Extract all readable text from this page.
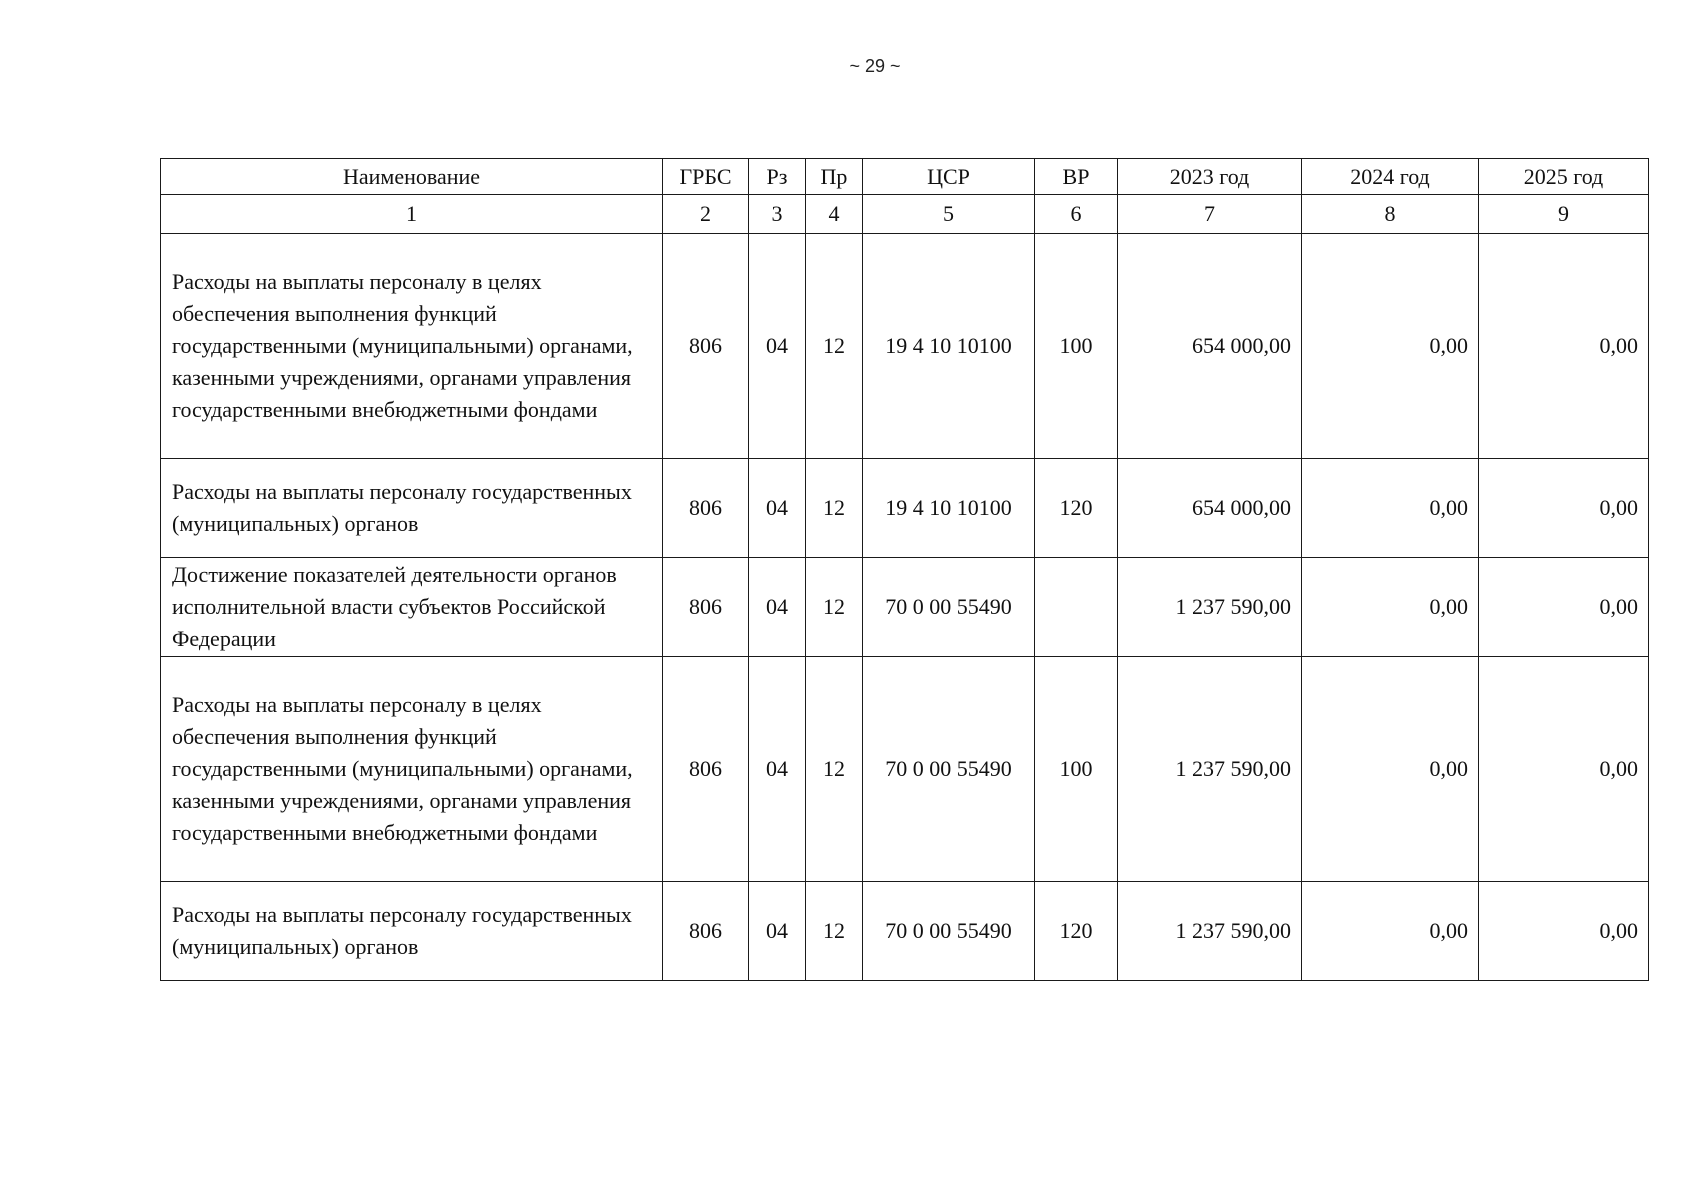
~ 29 ~
Наименование	ГРБС	Рз	Пр	ЦСР	ВР	2023 год	2024 год	2025 год
1	2	3	4	5	6	7	8	9
Расходы на выплаты персоналу в целях обеспечения выполнения функций государственными (муниципальными) органами, казенными учреждениями, органами управления государственными внебюджетными фондами	806	04	12	19 4 10 10100	100	654 000,00	0,00	0,00
Расходы на выплаты персоналу государственных (муниципальных) органов	806	04	12	19 4 10 10100	120	654 000,00	0,00	0,00
Достижение показателей деятельности органов исполнительной власти субъектов Российской Федерации	806	04	12	70 0 00 55490		1 237 590,00	0,00	0,00
Расходы на выплаты персоналу в целях обеспечения выполнения функций государственными (муниципальными) органами, казенными учреждениями, органами управления государственными внебюджетными фондами	806	04	12	70 0 00 55490	100	1 237 590,00	0,00	0,00
Расходы на выплаты персоналу государственных (муниципальных) органов	806	04	12	70 0 00 55490	120	1 237 590,00	0,00	0,00
